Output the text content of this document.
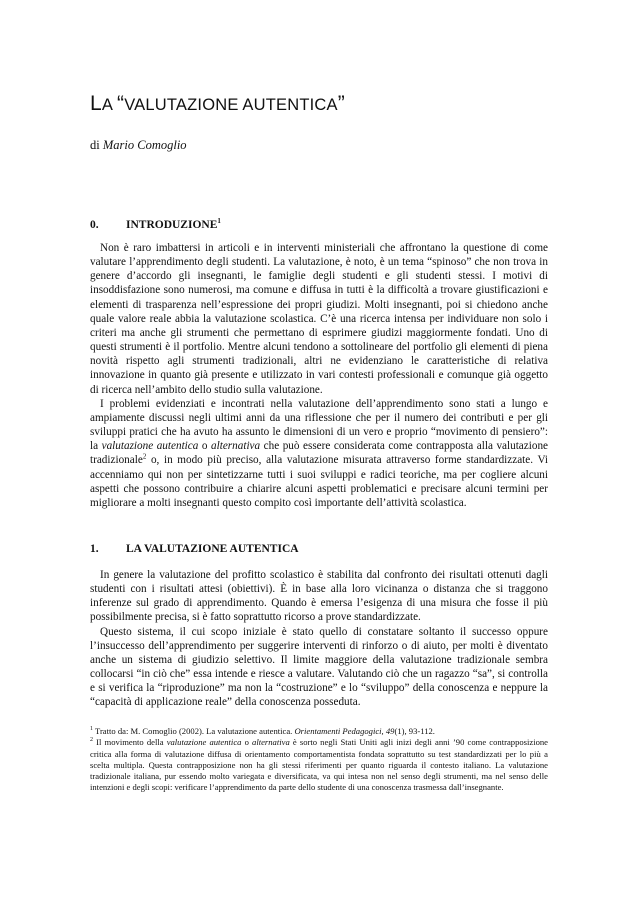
LA “VALUTAZIONE AUTENTICA”
di Mario Comoglio
0. INTRODUZIONE$^1$

Non è raro imbattersi in articoli e in interventi ministeriali che affrontano la questione di come valutare l’apprendimento degli studenti. La valutazione, è noto, è un tema “spinoso” che non trova in genere d’accordo gli insegnanti, le famiglie degli studenti e gli studenti stessi. I motivi di insoddisfazione sono numerosi, ma comune e diffusa in tutti è la difficoltà a trovare giustificazioni e elementi di trasparenza nell’espressione dei propri giudizi. Molti insegnanti, poi si chiedono anche quale valore reale abbia la valutazione scolastica. C’è una ricerca intensa per individuare non solo i criteri ma anche gli strumenti che permettano di esprimere giudizi maggiormente fondati. Uno di questi strumenti è il portfolio. Mentre alcuni tendono a sottolineare del portfolio gli elementi di piena novità rispetto agli strumenti tradizionali, altri ne evidenziano le caratteristiche di relativa innovazione in quanto già presente e utilizzato in vari contesti professionali e comunque già oggetto di ricerca nell’ambito dello studio sulla valutazione.

I problemi evidenziati e incontrati nella valutazione dell’apprendimento sono stati a lungo e ampiamente discussi negli ultimi anni da una riflessione che per il numero dei contributi e per gli sviluppi pratici che ha avuto ha assunto le dimensioni di un vero e proprio “movimento di pensiero”: la valutazione autentica o alternativa che può essere considerata come contrapposta alla valutazione tradizionale$^2$ o, in modo più preciso, alla valutazione misurata attraverso forme standardizzate. Vi accenniamo qui non per sintetizzarne tutti i suoi sviluppi e radici teoriche, ma per cogliere alcuni aspetti che possono contribuire a chiarire alcuni aspetti problematici e precisare alcuni termini per migliorare a molti insegnanti questo compito così importante dell’attività scolastica.

1. LA VALUTAZIONE AUTENTICA

In genere la valutazione del profitto scolastico è stabilita dal confronto dei risultati ottenuti dagli studenti con i risultati attesi (obiettivi). È in base alla loro vicinanza o distanza che si traggono inferenze sul grado di apprendimento. Quando è emersa l’esigenza di una misura che fosse il più possibilmente precisa, si è fatto soprattutto ricorso a prove standardizzate.

Questo sistema, il cui scopo iniziale è stato quello di constatare soltanto il successo oppure l’insuccesso dell’apprendimento per suggerire interventi di rinforzo o di aiuto, per molti è diventato anche un sistema di giudizio selettivo. Il limite maggiore della valutazione tradizionale sembra collocarsi “in ciò che” essa intende e riesce a valutare. Valutando ciò che un ragazzo “sa”, si controlla e si verifica la “riproduzione” ma non la “costruzione” e lo “sviluppo” della conoscenza e neppure la “capacità di applicazione reale” della conoscenza posseduta.

$^1$ Tratto da: M. Comoglio (2002). La valutazione autentica. Orientamenti Pedagogici, 49(1), 93-112.

$^2$ Il movimento della valutazione autentica o alternativa è sorto negli Stati Uniti agli inizi degli anni ’90 come contrapposizione critica alla forma di valutazione diffusa di orientamento comportamentista fondata soprattutto su test standardizzati per lo più a scelta multipla. Questa contrapposizione non ha gli stessi riferimenti per quanto riguarda il contesto italiano. La valutazione tradizionale italiana, pur essendo molto variegata e diversificata, va qui intesa non nel senso degli strumenti, ma nel senso delle intenzioni e degli scopi: verificare l’apprendimento da parte dello studente di una conoscenza trasmessa dall’insegnante.
